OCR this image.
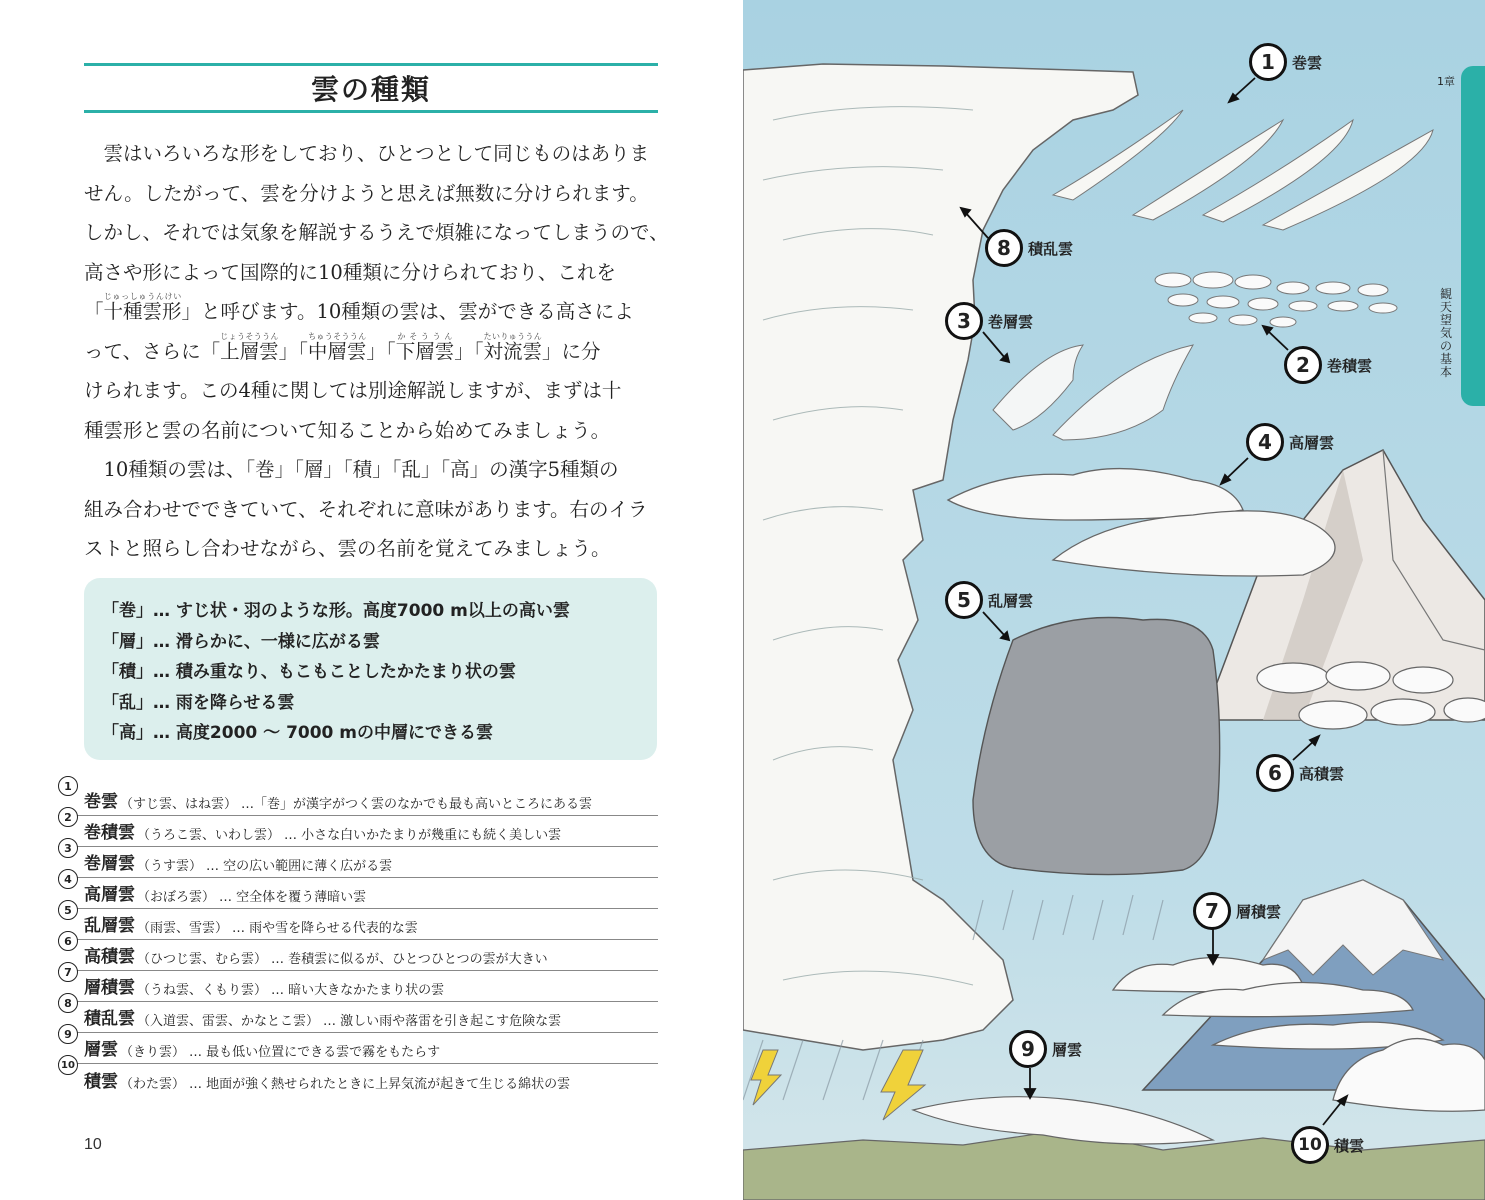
雲の種類

雲はいろいろな形をしており、ひとつとして同じものはありま
せん。したがって、雲を分けようと思えば無数に分けられます。
しかし、それでは気象を解説するうえで煩雑になってしまうので、
高さや形によって国際的に10種類に分けられており、これを
「十種雲形じゅっしゅうんけい」と呼びます。10種類の雲は、雲ができる高さによ
って、さらに「上層雲じょうそううん」「中層雲ちゅうそううん」「下層雲かそううん」「対流雲たいりゅううん」に分
けられます。この4種に関しては別途解説しますが、まずは十
種雲形と雲の名前について知ることから始めてみましょう。

10種類の雲は、「巻」「層」「積」「乱」「高」の漢字5種類の
組み合わせでできていて、それぞれに意味があります。右のイラ
ストと照らし合わせながら、雲の名前を覚えてみましょう。

「巻」… すじ状・羽のような形。高度7000 m以上の高い雲
「層」… 滑らかに、一様に広がる雲
「積」… 積み重なり、もこもことしたかたまり状の雲
「乱」… 雨を降らせる雲
「高」… 高度2000 ～ 7000 mの中層にできる雲
1
巻雲 （すじ雲、はね雲） …「巻」が漢字がつく雲のなかでも最も高いところにある雲
2
巻積雲 （うろこ雲、いわし雲） … 小さな白いかたまりが幾重にも続く美しい雲
3
巻層雲 （うす雲） … 空の広い範囲に薄く広がる雲
4
高層雲 （おぼろ雲） … 空全体を覆う薄暗い雲
5
乱層雲 （雨雲、雪雲） … 雨や雪を降らせる代表的な雲
6
高積雲 （ひつじ雲、むら雲） … 巻積雲に似るが、ひとつひとつの雲が大きい
7
層積雲 （うね雲、くもり雲） … 暗い大きなかたまり状の雲
8
積乱雲 （入道雲、雷雲、かなとこ雲） … 激しい雨や落雷を引き起こす危険な雲
9
層雲 （きり雲） … 最も低い位置にできる雲で霧をもたらす
10
積雲 （わた雲） … 地面が強く熱せられたときに上昇気流が起きて生じる綿状の雲
10
1	巻雲
2	巻積雲
3	巻層雲
4	高層雲
5	乱層雲
6	高積雲
7	層積雲
8	積乱雲
9	層雲
10 積雲
1章
観天望気の基本
